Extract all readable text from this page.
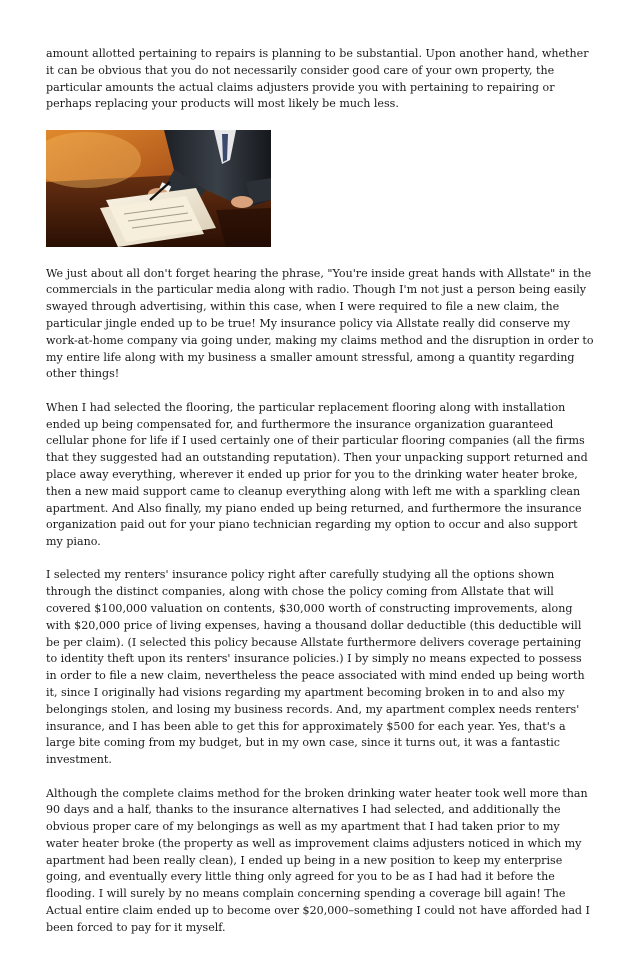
amount allotted pertaining to repairs is planning to be substantial. Upon another hand, whether it can be obvious that you do not necessarily consider good care of your own property, the particular amounts the actual claims adjusters provide you with pertaining to repairing or perhaps replacing your products will most likely be much less.

We just about all don't forget hearing the phrase, "You're inside great hands with Allstate" in the commercials in the particular media along with radio. Though I'm not just a person being easily swayed through advertising, within this case, when I were required to file a new claim, the particular jingle ended up to be true! My insurance policy via Allstate really did conserve my work-at-home company via going under, making my claims method and the disruption in order to my entire life along with my business a smaller amount stressful, among a quantity regarding other things!

When I had selected the flooring, the particular replacement flooring along with installation ended up being compensated for, and furthermore the insurance organization guaranteed cellular phone for life if I used certainly one of their particular flooring companies (all the firms that they suggested had an outstanding reputation). Then your unpacking support returned and place away everything, wherever it ended up prior for you to the drinking water heater broke, then a new maid support came to cleanup everything along with left me with a sparkling clean apartment. And Also finally, my piano ended up being returned, and furthermore the insurance organization paid out for your piano technician regarding my option to occur and also support my piano.

I selected my renters' insurance policy right after carefully studying all the options shown through the distinct companies, along with chose the policy coming from Allstate that will covered $100,000 valuation on contents, $30,000 worth of constructing improvements, along with $20,000 price of living expenses, having a thousand dollar deductible (this deductible will be per claim). (I selected this policy because Allstate furthermore delivers coverage pertaining to identity theft upon its renters' insurance policies.) I by simply no means expected to possess in order to file a new claim, nevertheless the peace associated with mind ended up being worth it, since I originally had visions regarding my apartment becoming broken in to and also my belongings stolen, and losing my business records. And, my apartment complex needs renters' insurance, and I has been able to get this for approximately $500 for each year. Yes, that's a large bite coming from my budget, but in my own case, since it turns out, it was a fantastic investment.

Although the complete claims method for the broken drinking water heater took well more than 90 days and a half, thanks to the insurance alternatives I had selected, and additionally the obvious proper care of my belongings as well as my apartment that I had taken prior to my water heater broke (the property as well as improvement claims adjusters noticed in which my apartment had been really clean), I ended up being in a new position to keep my enterprise going, and eventually every little thing only agreed for you to be as I had had it before the flooding. I will surely by no means complain concerning spending a coverage bill again! The Actual entire claim ended up to become over $20,000–something I could not have afforded had I been forced to pay for it myself.
